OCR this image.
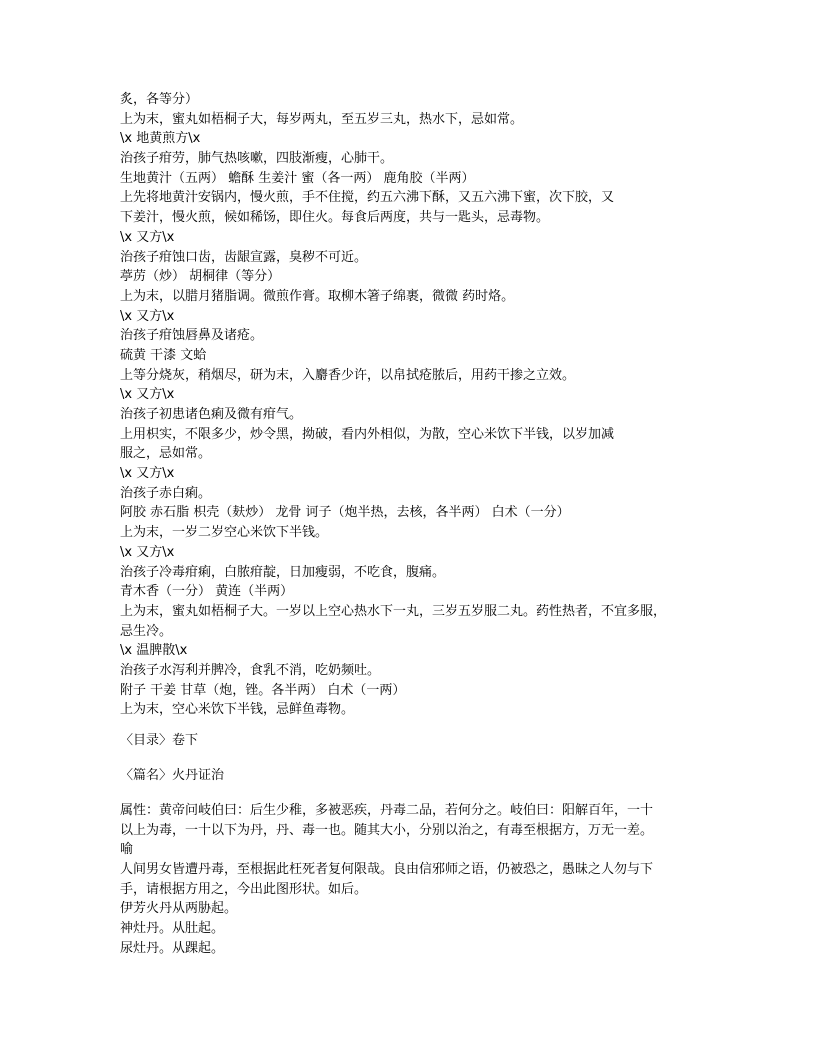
炙，各等分）
上为末，蜜丸如梧桐子大，每岁两丸，至五岁三丸，热水下，忌如常。
\x 地黄煎方\x
治孩子疳劳，肺气热咳嗽，四肢渐瘦，心肺干。
生地黄汁（五两） 蟾酥 生姜汁 蜜（各一两） 鹿角胶（半两）
上先将地黄汁安锅内，慢火煎，手不住搅，约五六沸下酥，又五六沸下蜜，次下胶，又
下姜汁，慢火煎，候如稀饧，即住火。每食后两度，共与一匙头，忌毒物。
\x 又方\x
治孩子疳蚀口齿，齿龈宣露，臭秽不可近。
葶苈（炒） 胡桐律（等分）
上为末，以腊月猪脂调。微煎作膏。取柳木箸子绵裹，微微 药时烙。
\x 又方\x
治孩子疳蚀唇鼻及诸疮。
硫黄 干漆 文蛤
上等分烧灰，稍烟尽，研为末，入麝香少许，以帛拭疮脓后，用药干掺之立效。
\x 又方\x
治孩子初患诸色痢及微有疳气。
上用枳实，不限多少，炒令黑，拗破，看内外相似，为散，空心米饮下半钱，以岁加减
服之，忌如常。
\x 又方\x
治孩子赤白痢。
阿胶 赤石脂 枳壳（麸炒） 龙骨 诃子（炮半热，去核，各半两） 白术（一分）
上为末，一岁二岁空心米饮下半钱。
\x 又方\x
治孩子冷毒疳痢，白脓疳靛，日加瘦弱，不吃食，腹痛。
青木香（一分） 黄连（半两）
上为末，蜜丸如梧桐子大。一岁以上空心热水下一丸，三岁五岁服二丸。药性热者，不宜多服，
忌生冷。
\x 温脾散\x
治孩子水泻利并脾冷，食乳不消，吃奶频吐。
附子 干姜 甘草（炮，锉。各半两） 白术（一两）
上为末，空心米饮下半钱，忌鲜鱼毒物。
〈目录〉卷下
〈篇名〉火丹证治
属性：黄帝问岐伯曰：后生少稚，多被恶疾，丹毒二品，若何分之。岐伯曰：阳解百年，一十
以上为毒，一十以下为丹，丹、毒一也。随其大小，分别以治之，有毒至根据方，万无一差。
喻
人间男女皆遭丹毒，至根据此枉死者复何限哉。良由信邪师之语，仍被恐之，愚昧之人勿与下
手，请根据方用之，今出此图形状。如后。
伊芳火丹从两胁起。
神灶丹。从肚起。
尿灶丹。从踝起。
